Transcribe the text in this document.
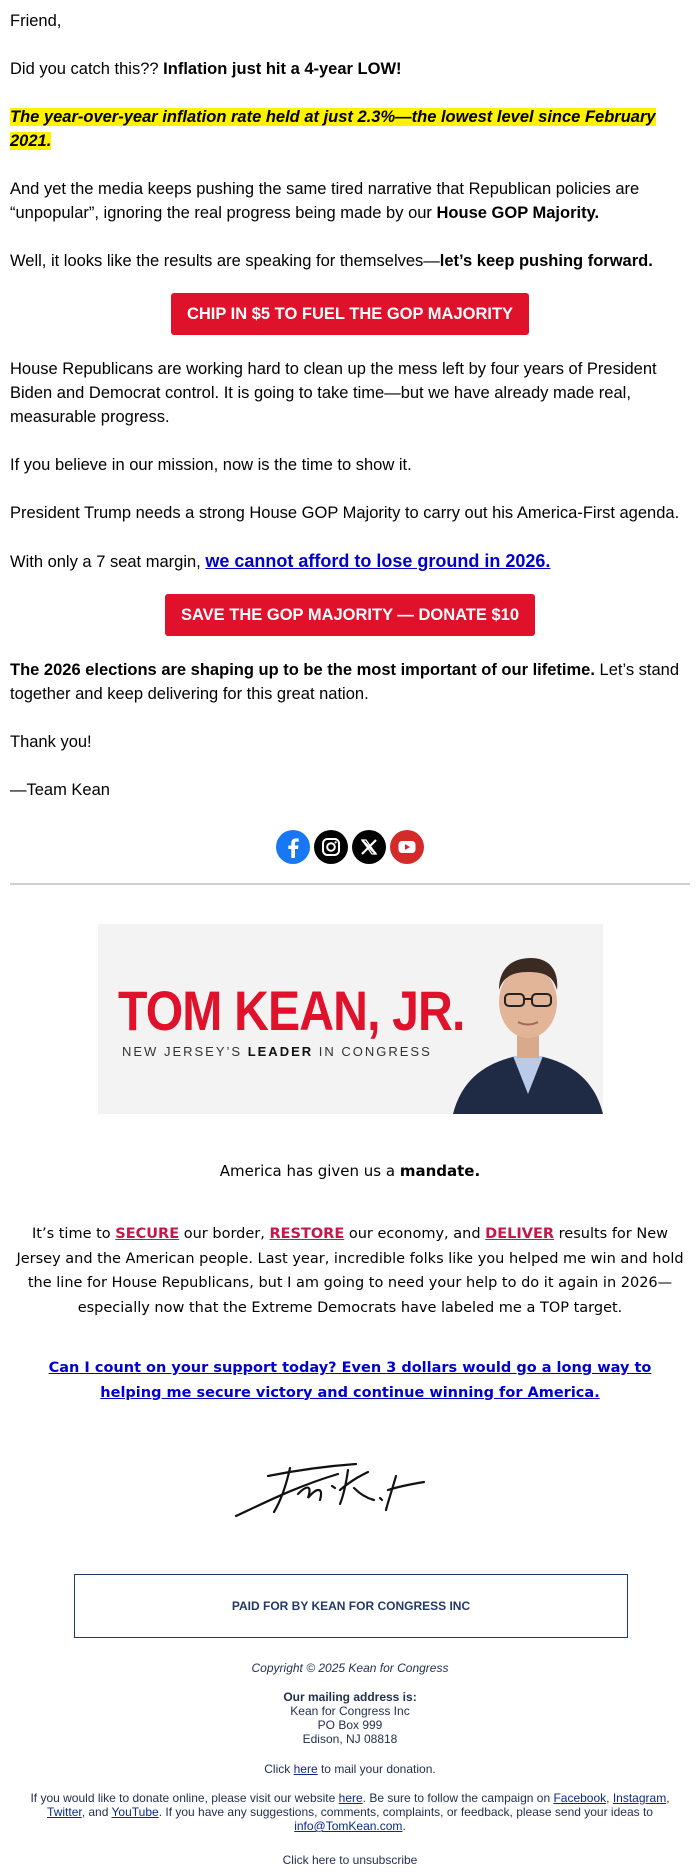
Friend,

Did you catch this?? Inflation just hit a 4-year LOW!

The year-over-year inflation rate held at just 2.3%—the lowest level since February 2021.

And yet the media keeps pushing the same tired narrative that Republican policies are “unpopular”, ignoring the real progress being made by our House GOP Majority.

Well, it looks like the results are speaking for themselves—let’s keep pushing forward.

CHIP IN $5 TO FUEL THE GOP MAJORITY

House Republicans are working hard to clean up the mess left by four years of President Biden and Democrat control. It is going to take time—but we have already made real, measurable progress.

If you believe in our mission, now is the time to show it.

President Trump needs a strong House GOP Majority to carry out his America-First agenda.

With only a 7 seat margin, we cannot afford to lose ground in 2026.

SAVE THE GOP MAJORITY — DONATE $10

The 2026 elections are shaping up to be the most important of our lifetime. Let’s stand together and keep delivering for this great nation.

Thank you!

—Team Kean

TOM KEAN, JR.
NEW JERSEY’S LEADER IN CONGRESS
America has given us a mandate.
It’s time to SECURE our border, RESTORE our economy, and DELIVER results for New Jersey and the American people. Last year, incredible folks like you helped me win and hold the line for House Republicans, but I am going to need your help to do it again in 2026—especially now that the Extreme Democrats have labeled me a TOP target.
Can I count on your support today? Even 3 dollars would go a long way to helping me secure victory and continue winning for America.
PAID FOR BY KEAN FOR CONGRESS INC
Copyright © 2025 Kean for Congress
Our mailing address is:
Kean for Congress Inc
PO Box 999
Edison, NJ 08818
Click here to mail your donation.
If you would like to donate online, please visit our website here. Be sure to follow the campaign on Facebook, Instagram, Twitter, and YouTube. If you have any suggestions, comments, complaints, or feedback, please send your ideas to info@TomKean.com.
Click here to unsubscribe
